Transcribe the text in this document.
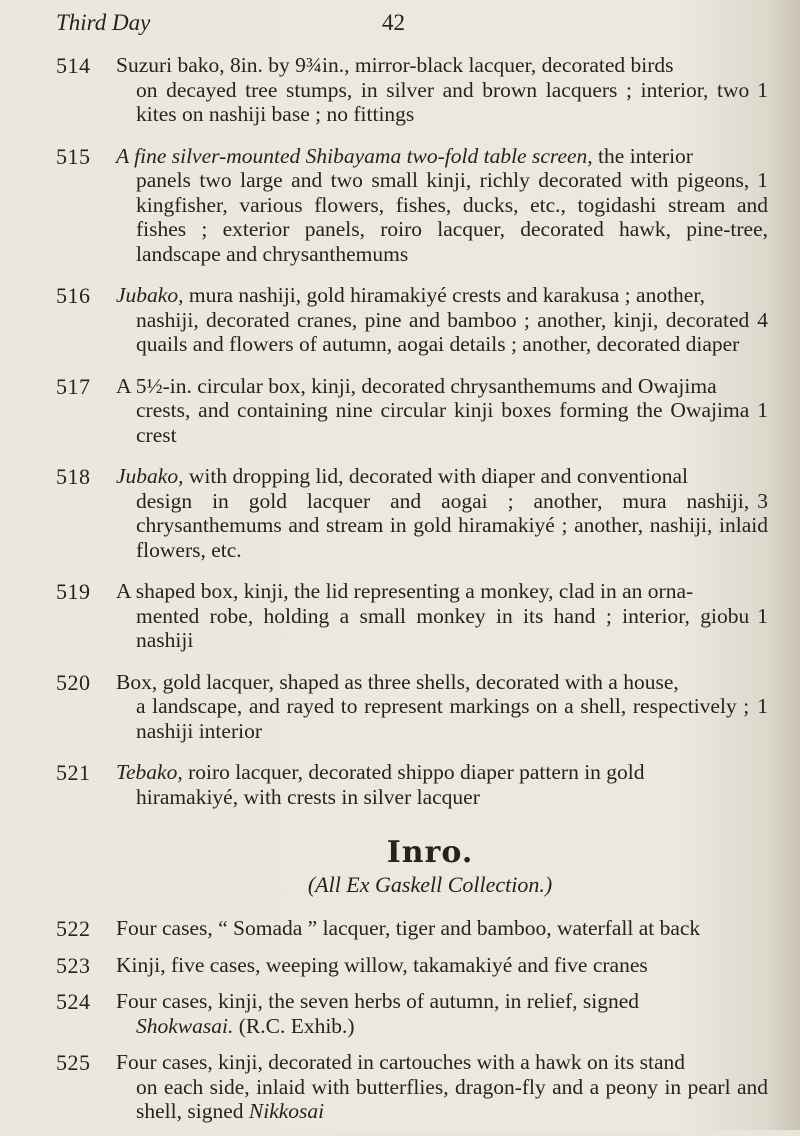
Third Day	42
514 Suzuri bako, 8in. by 9¾in., mirror-black lacquer, decorated birds
1
on decayed tree stumps, in silver and brown lacquers ; interior, two kites on nashiji base ; no fittings
515 A fine silver-mounted Shibayama two-fold table screen, the interior
1
panels two large and two small kinji, richly decorated with pigeons, kingfisher, various flowers, fishes, ducks, etc., togidashi stream and fishes ; exterior panels, roiro lacquer, decorated hawk, pine-tree, landscape and chrysanthemums
516 Jubako, mura nashiji, gold hiramakiyé crests and karakusa ; another,
4
nashiji, decorated cranes, pine and bamboo ; another, kinji, decorated quails and flowers of autumn, aogai details ; another, decorated diaper
517 A 5½-in. circular box, kinji, decorated chrysanthemums and Owajima
1
crests, and containing nine circular kinji boxes forming the Owajima crest
518 Jubako, with dropping lid, decorated with diaper and conventional
3
design in gold lacquer and aogai ; another, mura nashiji, chrysanthemums and stream in gold hiramakiyé ; another, nashiji, inlaid flowers, etc.
519 A shaped box, kinji, the lid representing a monkey, clad in an orna-
1
mented robe, holding a small monkey in its hand ; interior, giobu nashiji
520 Box, gold lacquer, shaped as three shells, decorated with a house,
1
a landscape, and rayed to represent markings on a shell, respectively ; nashiji interior
521 Tebako, roiro lacquer, decorated shippo diaper pattern in gold
hiramakiyé, with crests in silver lacquer
Inro.
(All Ex Gaskell Collection.)
522 Four cases, “ Somada ” lacquer, tiger and bamboo, waterfall at back
523 Kinji, five cases, weeping willow, takamakiyé and five cranes
524 Four cases, kinji, the seven herbs of autumn, in relief, signed
Shokwasai. (R.C. Exhib.)
525 Four cases, kinji, decorated in cartouches with a hawk on its stand
on each side, inlaid with butterflies, dragon-fly and a peony in pearl and shell, signed Nikkosai
